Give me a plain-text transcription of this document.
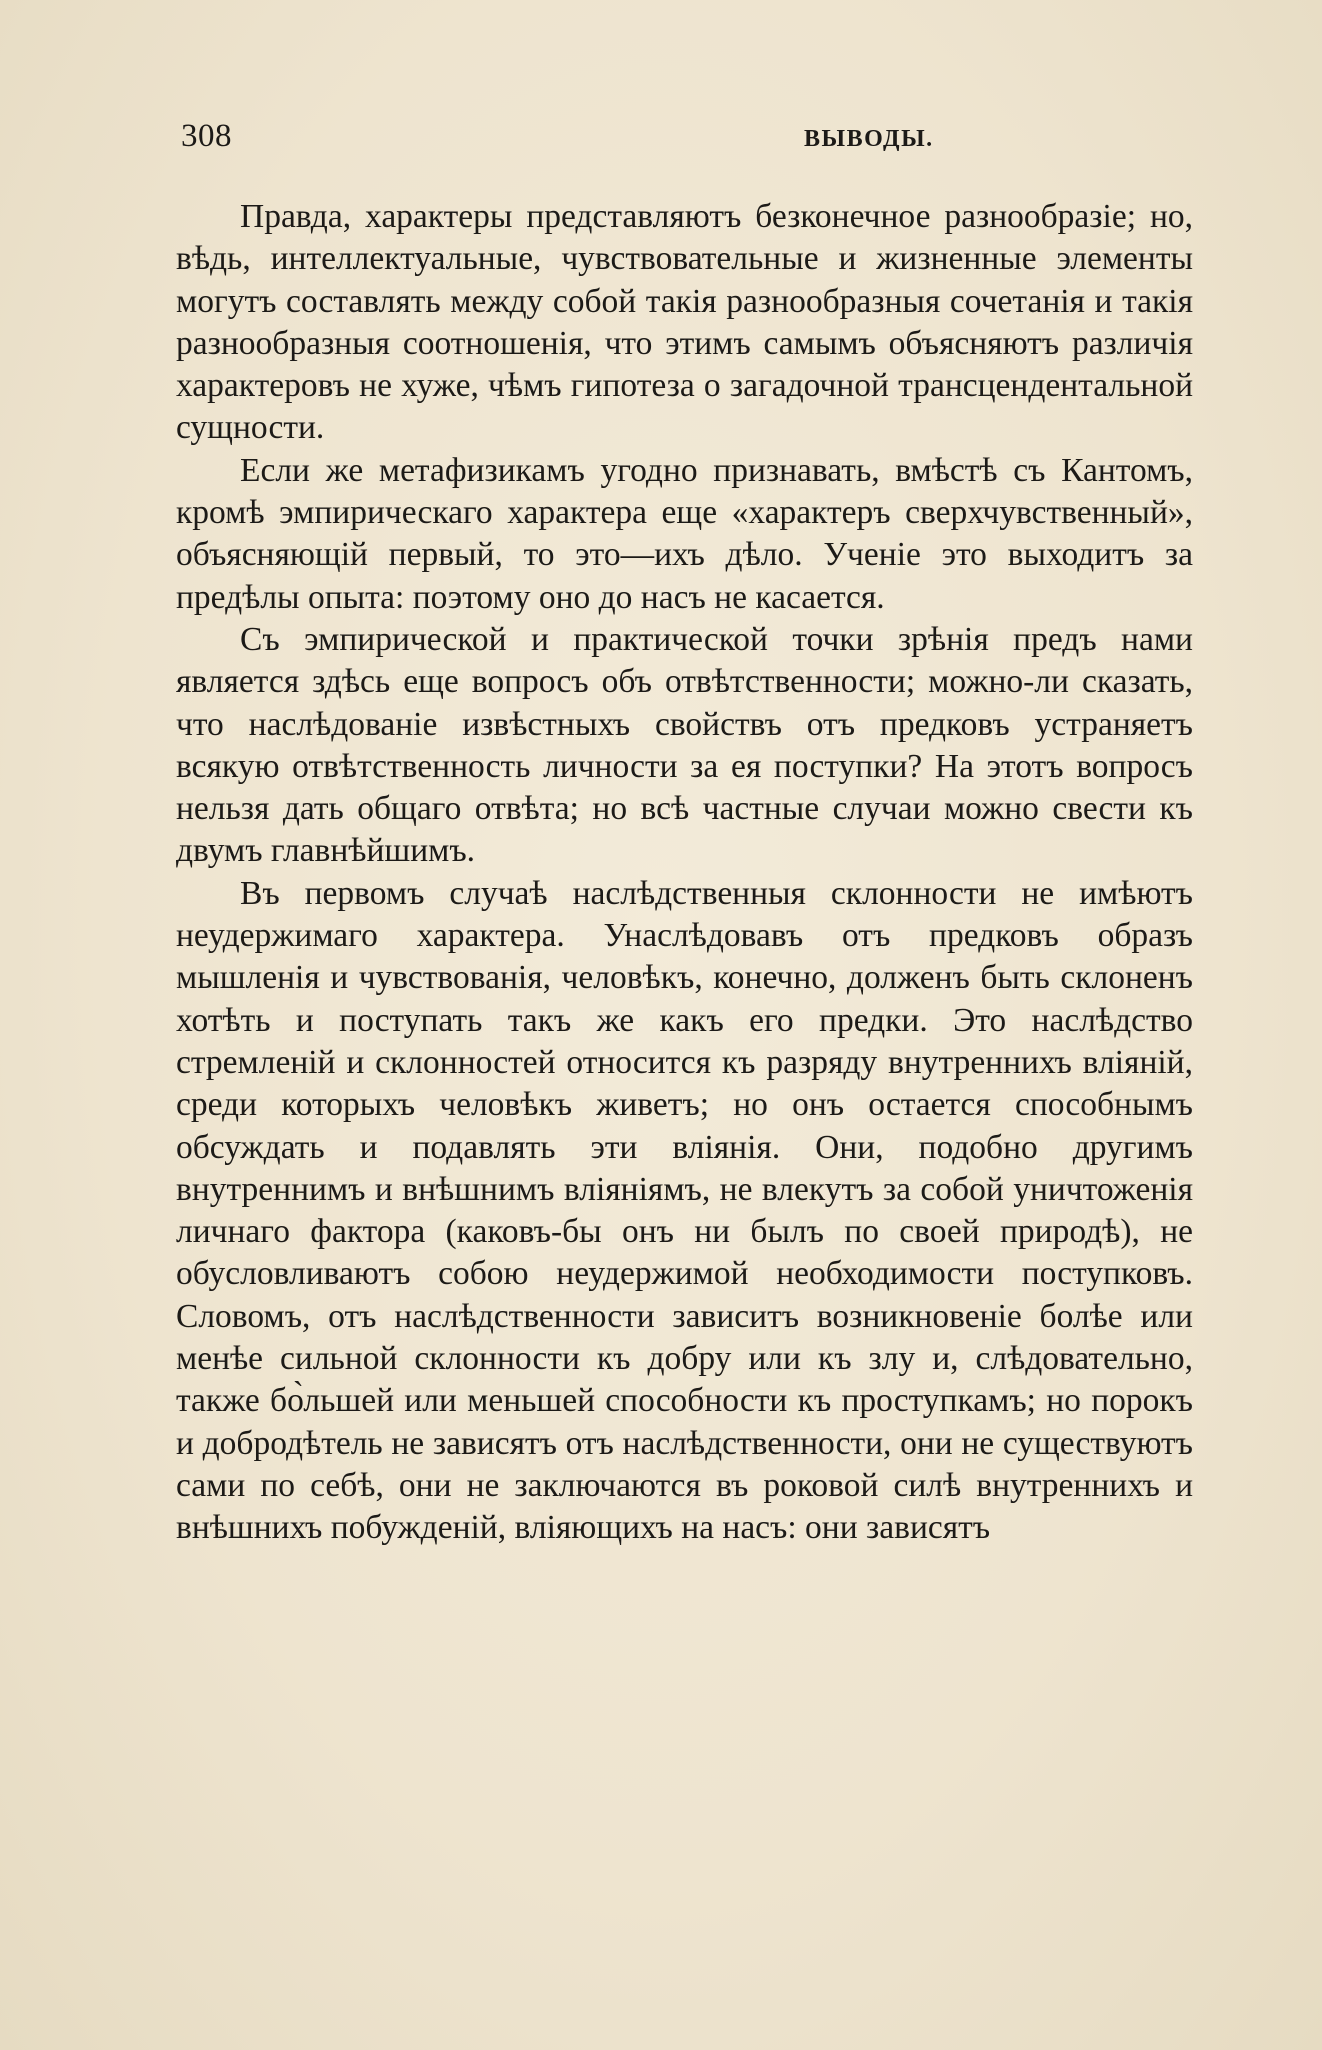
308	ВЫВОДЫ.

Правда, характеры представляютъ безконечное разнообразіе; но, вѣдь, интеллектуальные, чувствовательные и жизненные элементы могутъ составлять между собой такія разнообразныя сочетанія и такія разнообразныя соотношенія, что этимъ самымъ объясняютъ различія характеровъ не хуже, чѣмъ гипотеза о загадочной трансцендентальной сущности.

Если же метафизикамъ угодно признавать, вмѣстѣ съ Кантомъ, кромѣ эмпирическаго характера еще «характеръ сверхчувственный», объясняющій первый, то это—ихъ дѣло. Ученіе это выходитъ за предѣлы опыта: поэтому оно до насъ не касается.

Съ эмпирической и практической точки зрѣнія предъ нами является здѣсь еще вопросъ объ отвѣтственности; можно-ли сказать, что наслѣдованіе извѣстныхъ свойствъ отъ предковъ устраняетъ всякую отвѣтственность личности за ея поступки? На этотъ вопросъ нельзя дать общаго отвѣта; но всѣ частные случаи можно свести къ двумъ главнѣйшимъ.

Въ первомъ случаѣ наслѣдственныя склонности не имѣютъ неудержимаго характера. Унаслѣдовавъ отъ предковъ образъ мышленія и чувствованія, человѣкъ, конечно, долженъ быть склоненъ хотѣть и поступать такъ же какъ его предки. Это наслѣдство стремленій и склонностей относится къ разряду внутреннихъ вліяній, среди которыхъ человѣкъ живетъ; но онъ остается способнымъ обсуждать и подавлять эти вліянія. Они, подобно другимъ внутреннимъ и внѣшнимъ вліяніямъ, не влекутъ за собой уничтоженія личнаго фактора (каковъ-бы онъ ни былъ по своей природѣ), не обусловливаютъ собою неудержимой необходимости поступковъ. Словомъ, отъ наслѣдственности зависитъ возникновеніе болѣе или менѣе сильной склонности къ добру или къ злу и, слѣдовательно, также бо̀льшей или меньшей способности къ проступкамъ; но порокъ и добродѣтель не зависятъ отъ наслѣдственности, они не существуютъ сами по себѣ, они не заключаются въ роковой силѣ внутреннихъ и внѣшнихъ побужденій, вліяющихъ на насъ: они зависятъ
